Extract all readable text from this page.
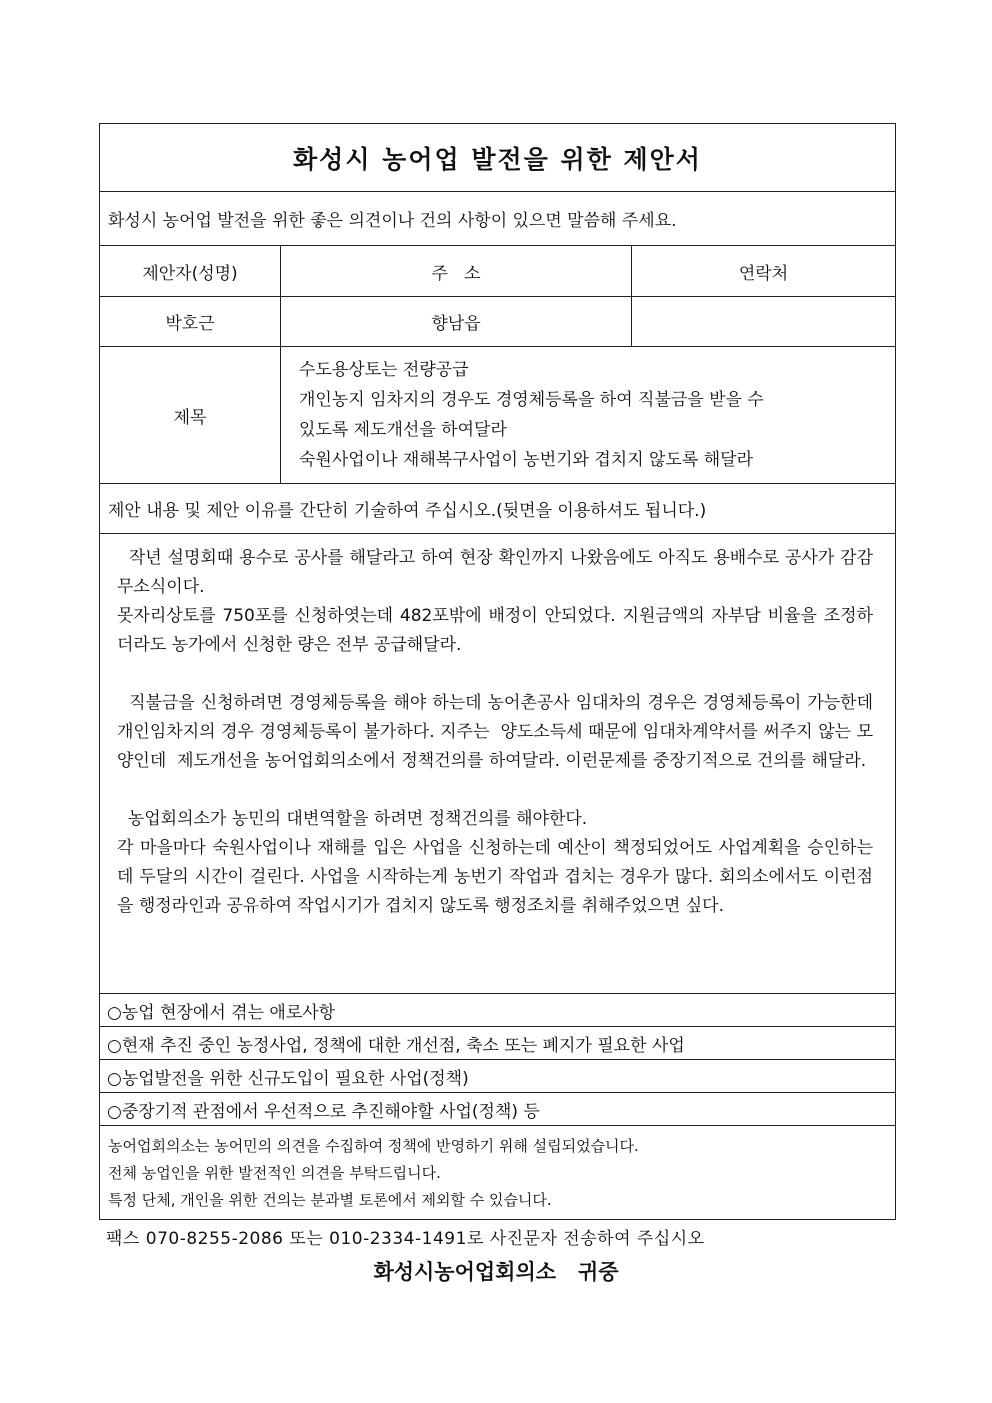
화성시 농어업 발전을 위한 제안서
화성시 농어업 발전을 위한 좋은 의견이나 건의 사항이 있으면 말씀해 주세요.
제안자(성명)	주   소	연락처
박호근	향남읍
제목
수도용상토는 전량공급
개인농지 임차지의 경우도 경영체등록을 하여 직불금을 받을 수
있도록 제도개선을 하여달라
숙원사업이나 재해복구사업이 농번기와 겹치지 않도록 해달라
제안 내용 및 제안 이유를 간단히 기술하여 주십시오.(뒷면을 이용하셔도 됩니다.)

작년 설명회때 용수로 공사를 해달라고 하여 현장 확인까지 나왔음에도 아직도 용배수로 공사가 감감무소식이다.

못자리상토를 750포를 신청하엿는데 482포밖에 배정이 안되었다. 지원금액의 자부담 비율을 조정하더라도 농가에서 신청한 량은 전부 공급해달라.

직불금을 신청하려면 경영체등록을 해야 하는데 농어촌공사 임대차의 경우은 경영체등록이 가능한데 개인임차지의 경우 경영체등록이 불가하다. 지주는  양도소득세 때문에 임대차계약서를 써주지 않는 모양인데  제도개선을 농어업회의소에서 정책건의를 하여달라. 이런문제를 중장기적으로 건의를 해달라.

농업회의소가 농민의 대변역할을 하려면 정책건의를 해야한다.

각 마을마다 숙원사업이나 재해를 입은 사업을 신청하는데 예산이 책정되었어도 사업계획을 승인하는데 두달의 시간이 걸린다. 사업을 시작하는게 농번기 작업과 겹치는 경우가 많다. 회의소에서도 이런점을 행정라인과 공유하여 작업시기가 겹치지 않도록 행정조치를 취해주었으면 싶다.

○농업 현장에서 겪는 애로사항
○현재 추진 중인 농정사업, 정책에 대한 개선점, 축소 또는 폐지가 필요한 사업
○농업발전을 위한 신규도입이 필요한 사업(정책)
○중장기적 관점에서 우선적으로 추진해야할 사업(정책) 등
농어업회의소는 농어민의 의견을 수집하여 정책에 반영하기 위해 설립되었습니다.
전체 농업인을 위한 발전적인 의견을 부탁드립니다.
특정 단체, 개인을 위한 건의는 분과별 토론에서 제외할 수 있습니다.
팩스 070-8255-2086 또는 010-2334-1491로 사진문자 전송하여 주십시오
화성시농어업회의소   귀중
